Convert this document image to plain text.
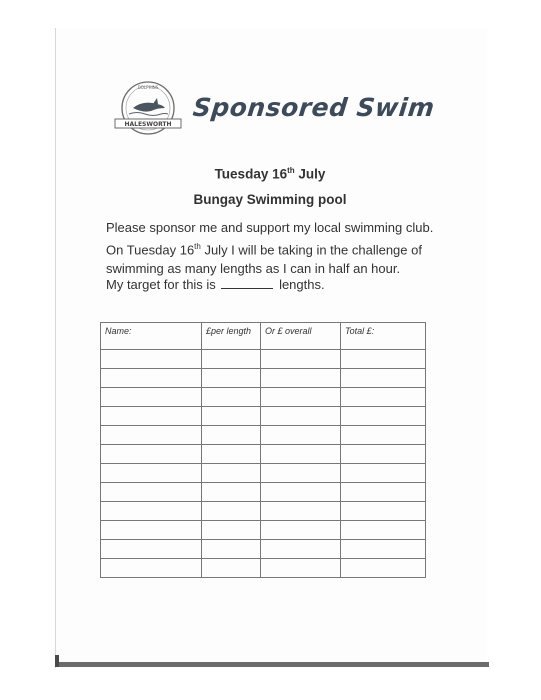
DOLPHINS
HALESWORTH
Sponsored Swim
Tuesday 16th July
Bungay Swimming pool
Please sponsor me and support my local swimming club.
On Tuesday 16th July I will be taking in the challenge of
swimming as many lengths as I can in half an hour.
My target for this is	lengths.
Name:	£per length	Or £ overall	Total £:
